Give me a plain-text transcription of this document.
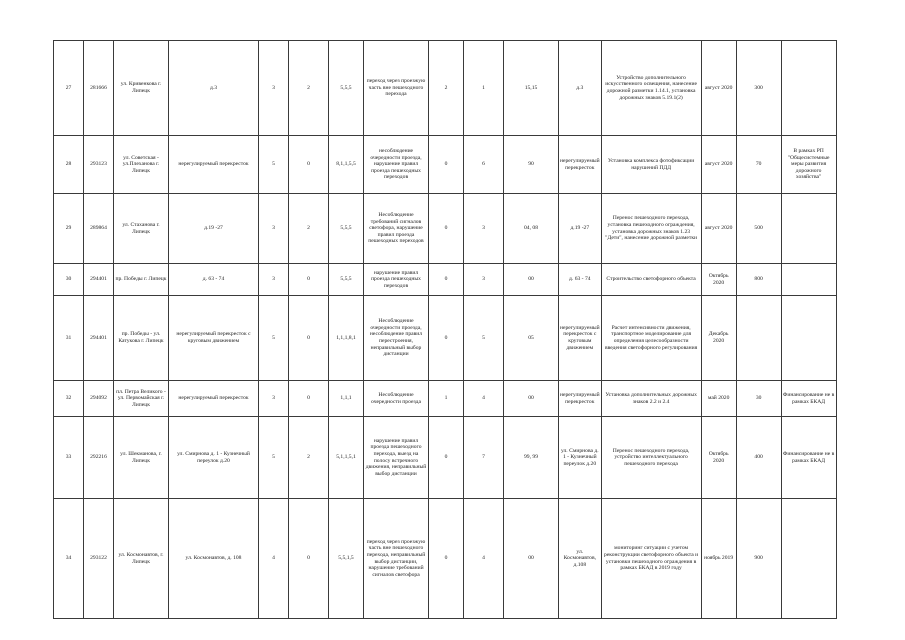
27	281666	ул. Кривенкова г. Липецк	д.3	3	2	5,5,5	переход через проезжую часть вне пешеходного перехода	2	1	15,15	д.3	Устройство дополнительного искусственного освещения, нанесение дорожной разметки 1.14.1, установка дорожных знаков 5.19.1(2)	август 2020	300	
28	293123	ул. Советская - ул.Плеханова г. Липецк	нерегулируемый перекресток	5	0	8,1,1,5,5	несоблюдение очередности проезда, нарушение правил проезда пешеходных переходов	0	6	90	нерегулируемый перекресток	Установка комплекса фотофиксации нарушений ПДД	август 2020	70	В рамках РП "Общесистемные меры развития дорожного хозяйства"
29	289864	ул. Стаханова г. Липецк	д.19 -27	3	2	5,5,5	Несоблюдение требований сигналов светофора, нарушение правил проезда пешеходных переходов	0	3	04, 08	д.19 -27	Перенос пешеходного перехода, установка пешеходного ограждения, установка дорожных знаков 1.23 "Дети", нанесение дорожной разметки	август 2020	500	
30	294401	пр. Победы г. Липецк	д. 63 - 74	3	0	5,5,5	нарушение правил проезда пешеходных переходов	0	3	00	д. 63 - 74	Строительство светофорного объекта	Октябрь 2020	800	
31	294401	пр. Победы - ул. Катукова г. Липецк	нерегулируемый перекресток с круговым движением	5	0	1,1,1,8,1	Несоблюдение очередности проезда, несоблюдение правил перестроения, неправильный выбор дистанции	0	5	05	нерегулируемый перекресток с круговым движением	Расчет интенсивности движения, транспортное моделирование для определения целесообразности введения светофорного регулирования	Декабрь 2020		
32	294092	пл. Петра Великого - ул. Первомайская г. Липецк	нерегулируемый перекресток	3	0	1,1,1	Несоблюдение очередности проезда	1	4	00	нерегулируемый перекресток	Установка дополнительных дорожных знаков 2.2 и 2.4	май 2020	30	Финансирование не в рамках БКАД
33	292216	ул. Шекманова, г. Липецк	ул. Смирнова д. 1 - Кузнечный переулок д.20	5	2	5,1,1,5,1	нарушение правил проезда пешеходного перехода, выезд на полосу встречного движения, неправильный выбор дистанции	0	7	99, 99	ул. Смирнова д. 1 - Кузнечный переулок д.20	Перенос пешеходного перехода, устройство интеллектуального пешеходного перехода	Октябрь 2020	400	Финансирование не в рамках БКАД
34	293122	ул. Космонавтов, г. Липецк	ул. Космонавтов, д. 108	4	0	5,5,1,5	переход через проезжую часть вне пешеходного перехода, неправильный выбор дистанции, нарушение требований сигналов светофора	0	4	00	ул. Космонавтов, д.108	мониторинг ситуации с учетом реконструкции светофорного объекта и установки пешеходного ограждения в рамках БКАД в 2019 году	ноябрь 2019	900	
